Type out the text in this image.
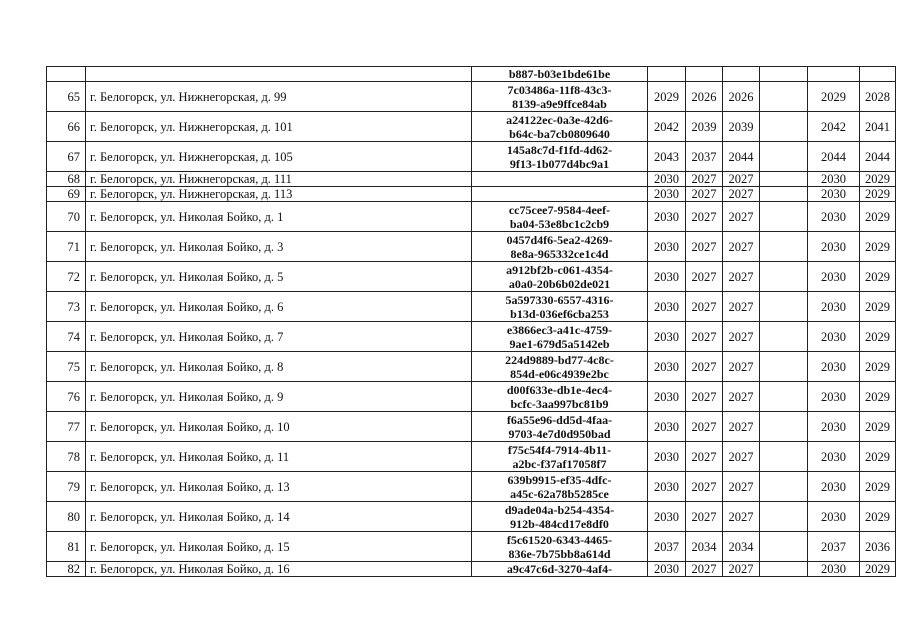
		b887-b03e1bde61be						

65	г. Белогорск, ул. Нижнегорская, д. 99	7c03486a-11f8-43c3-
8139-a9e9ffce84ab	2029	2026	2026		2029	2028
66	г. Белогорск, ул. Нижнегорская, д. 101	a24122ec-0a3e-42d6-
b64c-ba7cb0809640	2042	2039	2039		2042	2041
67	г. Белогорск, ул. Нижнегорская, д. 105	145a8c7d-f1fd-4d62-
9f13-1b077d4bc9a1	2043	2037	2044		2044	2044
68	г. Белогорск, ул. Нижнегорская, д. 111		2030	2027	2027		2030	2029
69	г. Белогорск, ул. Нижнегорская, д. 113		2030	2027	2027		2030	2029
70	г. Белогорск, ул. Николая Бойко, д. 1	cc75cee7-9584-4eef-
ba04-53e8bc1c2cb9	2030	2027	2027		2030	2029
71	г. Белогорск, ул. Николая Бойко, д. 3	0457d4f6-5ea2-4269-
8e8a-965332ce1c4d	2030	2027	2027		2030	2029
72	г. Белогорск, ул. Николая Бойко, д. 5	a912bf2b-c061-4354-
a0a0-20b6b02de021	2030	2027	2027		2030	2029
73	г. Белогорск, ул. Николая Бойко, д. 6	5a597330-6557-4316-
b13d-036ef6cba253	2030	2027	2027		2030	2029
74	г. Белогорск, ул. Николая Бойко, д. 7	e3866ec3-a41c-4759-
9ae1-679d5a5142eb	2030	2027	2027		2030	2029
75	г. Белогорск, ул. Николая Бойко, д. 8	224d9889-bd77-4c8c-
854d-e06c4939e2bc	2030	2027	2027		2030	2029
76	г. Белогорск, ул. Николая Бойко, д. 9	d00f633e-db1e-4ec4-
bcfc-3aa997bc81b9	2030	2027	2027		2030	2029
77	г. Белогорск, ул. Николая Бойко, д. 10	f6a55e96-dd5d-4faa-
9703-4e7d0d950bad	2030	2027	2027		2030	2029
78	г. Белогорск, ул. Николая Бойко, д. 11	f75c54f4-7914-4b11-
a2bc-f37af17058f7	2030	2027	2027		2030	2029
79	г. Белогорск, ул. Николая Бойко, д. 13	639b9915-ef35-4dfc-
a45c-62a78b5285ce	2030	2027	2027		2030	2029
80	г. Белогорск, ул. Николая Бойко, д. 14	d9ade04a-b254-4354-
912b-484cd17e8df0	2030	2027	2027		2030	2029
81	г. Белогорск, ул. Николая Бойко, д. 15	f5c61520-6343-4465-
836e-7b75bb8a614d	2037	2034	2034		2037	2036
82	г. Белогорск, ул. Николая Бойко, д. 16	a9c47c6d-3270-4af4-	2030	2027	2027		2030	2029
